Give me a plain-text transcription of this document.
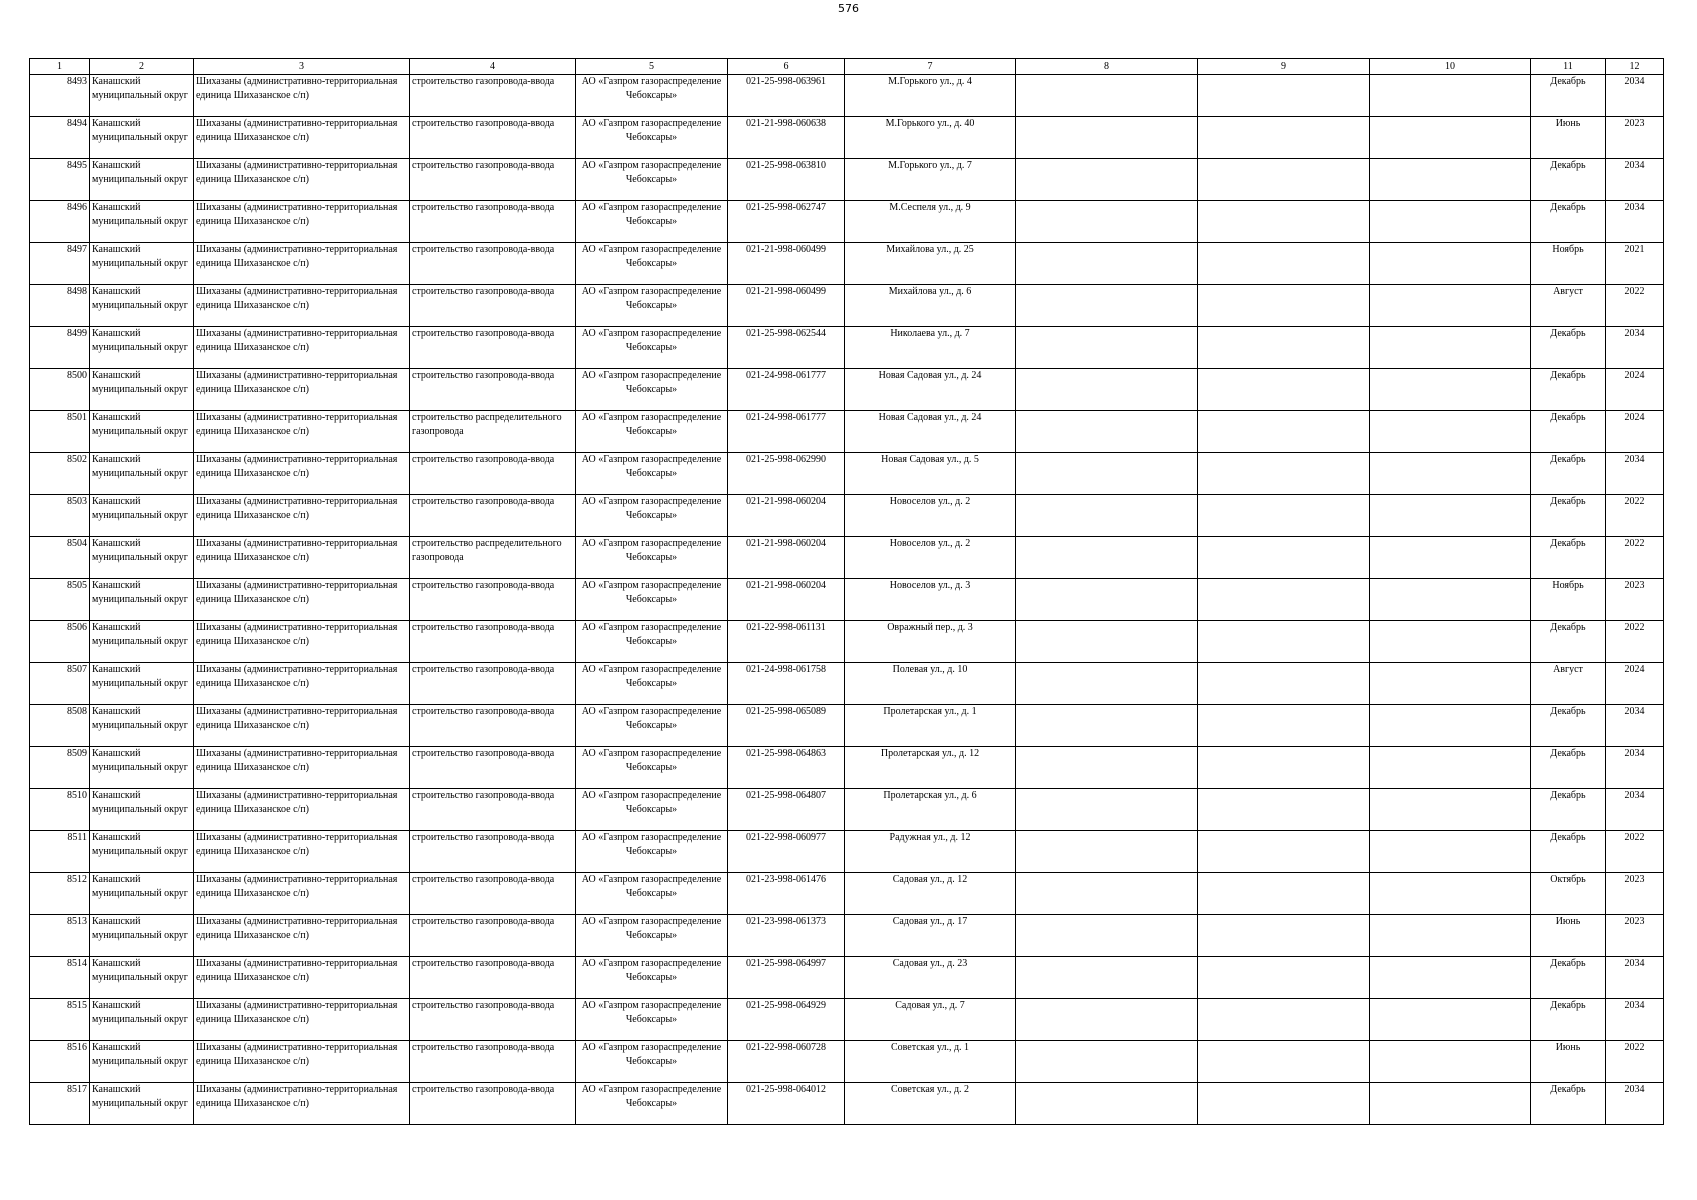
576
1	2	3	4	5	6	7	8	9	10	11	12
8493	Канашский муниципальный округ	Шихазаны (административно-территориальная единица Шихазанское с/п)	строительство газопровода-ввода	АО «Газпром газораспределение Чебоксары»	021-25-998-063961	М.Горького ул., д. 4				Декабрь	2034
8494	Канашский муниципальный округ	Шихазаны (административно-территориальная единица Шихазанское с/п)	строительство газопровода-ввода	АО «Газпром газораспределение Чебоксары»	021-21-998-060638	М.Горького ул., д. 40				Июнь	2023
8495	Канашский муниципальный округ	Шихазаны (административно-территориальная единица Шихазанское с/п)	строительство газопровода-ввода	АО «Газпром газораспределение Чебоксары»	021-25-998-063810	М.Горького ул., д. 7				Декабрь	2034
8496	Канашский муниципальный округ	Шихазаны (административно-территориальная единица Шихазанское с/п)	строительство газопровода-ввода	АО «Газпром газораспределение Чебоксары»	021-25-998-062747	М.Сеспеля ул., д. 9				Декабрь	2034
8497	Канашский муниципальный округ	Шихазаны (административно-территориальная единица Шихазанское с/п)	строительство газопровода-ввода	АО «Газпром газораспределение Чебоксары»	021-21-998-060499	Михайлова ул., д. 25				Ноябрь	2021
8498	Канашский муниципальный округ	Шихазаны (административно-территориальная единица Шихазанское с/п)	строительство газопровода-ввода	АО «Газпром газораспределение Чебоксары»	021-21-998-060499	Михайлова ул., д. 6				Август	2022
8499	Канашский муниципальный округ	Шихазаны (административно-территориальная единица Шихазанское с/п)	строительство газопровода-ввода	АО «Газпром газораспределение Чебоксары»	021-25-998-062544	Николаева ул., д. 7				Декабрь	2034
8500	Канашский муниципальный округ	Шихазаны (административно-территориальная единица Шихазанское с/п)	строительство газопровода-ввода	АО «Газпром газораспределение Чебоксары»	021-24-998-061777	Новая Садовая ул., д. 24				Декабрь	2024
8501	Канашский муниципальный округ	Шихазаны (административно-территориальная единица Шихазанское с/п)	строительство распределительного газопровода	АО «Газпром газораспределение Чебоксары»	021-24-998-061777	Новая Садовая ул., д. 24				Декабрь	2024
8502	Канашский муниципальный округ	Шихазаны (административно-территориальная единица Шихазанское с/п)	строительство газопровода-ввода	АО «Газпром газораспределение Чебоксары»	021-25-998-062990	Новая Садовая ул., д. 5				Декабрь	2034
8503	Канашский муниципальный округ	Шихазаны (административно-территориальная единица Шихазанское с/п)	строительство газопровода-ввода	АО «Газпром газораспределение Чебоксары»	021-21-998-060204	Новоселов ул., д. 2				Декабрь	2022
8504	Канашский муниципальный округ	Шихазаны (административно-территориальная единица Шихазанское с/п)	строительство распределительного газопровода	АО «Газпром газораспределение Чебоксары»	021-21-998-060204	Новоселов ул., д. 2				Декабрь	2022
8505	Канашский муниципальный округ	Шихазаны (административно-территориальная единица Шихазанское с/п)	строительство газопровода-ввода	АО «Газпром газораспределение Чебоксары»	021-21-998-060204	Новоселов ул., д. 3				Ноябрь	2023
8506	Канашский муниципальный округ	Шихазаны (административно-территориальная единица Шихазанское с/п)	строительство газопровода-ввода	АО «Газпром газораспределение Чебоксары»	021-22-998-061131	Овражный пер., д. 3				Декабрь	2022
8507	Канашский муниципальный округ	Шихазаны (административно-территориальная единица Шихазанское с/п)	строительство газопровода-ввода	АО «Газпром газораспределение Чебоксары»	021-24-998-061758	Полевая ул., д. 10				Август	2024
8508	Канашский муниципальный округ	Шихазаны (административно-территориальная единица Шихазанское с/п)	строительство газопровода-ввода	АО «Газпром газораспределение Чебоксары»	021-25-998-065089	Пролетарская ул., д. 1				Декабрь	2034
8509	Канашский муниципальный округ	Шихазаны (административно-территориальная единица Шихазанское с/п)	строительство газопровода-ввода	АО «Газпром газораспределение Чебоксары»	021-25-998-064863	Пролетарская ул., д. 12				Декабрь	2034
8510	Канашский муниципальный округ	Шихазаны (административно-территориальная единица Шихазанское с/п)	строительство газопровода-ввода	АО «Газпром газораспределение Чебоксары»	021-25-998-064807	Пролетарская ул., д. 6				Декабрь	2034
8511	Канашский муниципальный округ	Шихазаны (административно-территориальная единица Шихазанское с/п)	строительство газопровода-ввода	АО «Газпром газораспределение Чебоксары»	021-22-998-060977	Радужная ул., д. 12				Декабрь	2022
8512	Канашский муниципальный округ	Шихазаны (административно-территориальная единица Шихазанское с/п)	строительство газопровода-ввода	АО «Газпром газораспределение Чебоксары»	021-23-998-061476	Садовая ул., д. 12				Октябрь	2023
8513	Канашский муниципальный округ	Шихазаны (административно-территориальная единица Шихазанское с/п)	строительство газопровода-ввода	АО «Газпром газораспределение Чебоксары»	021-23-998-061373	Садовая ул., д. 17				Июнь	2023
8514	Канашский муниципальный округ	Шихазаны (административно-территориальная единица Шихазанское с/п)	строительство газопровода-ввода	АО «Газпром газораспределение Чебоксары»	021-25-998-064997	Садовая ул., д. 23				Декабрь	2034
8515	Канашский муниципальный округ	Шихазаны (административно-территориальная единица Шихазанское с/п)	строительство газопровода-ввода	АО «Газпром газораспределение Чебоксары»	021-25-998-064929	Садовая ул., д. 7				Декабрь	2034
8516	Канашский муниципальный округ	Шихазаны (административно-территориальная единица Шихазанское с/п)	строительство газопровода-ввода	АО «Газпром газораспределение Чебоксары»	021-22-998-060728	Советская ул., д. 1				Июнь	2022
8517	Канашский муниципальный округ	Шихазаны (административно-территориальная единица Шихазанское с/п)	строительство газопровода-ввода	АО «Газпром газораспределение Чебоксары»	021-25-998-064012	Советская ул., д. 2				Декабрь	2034
